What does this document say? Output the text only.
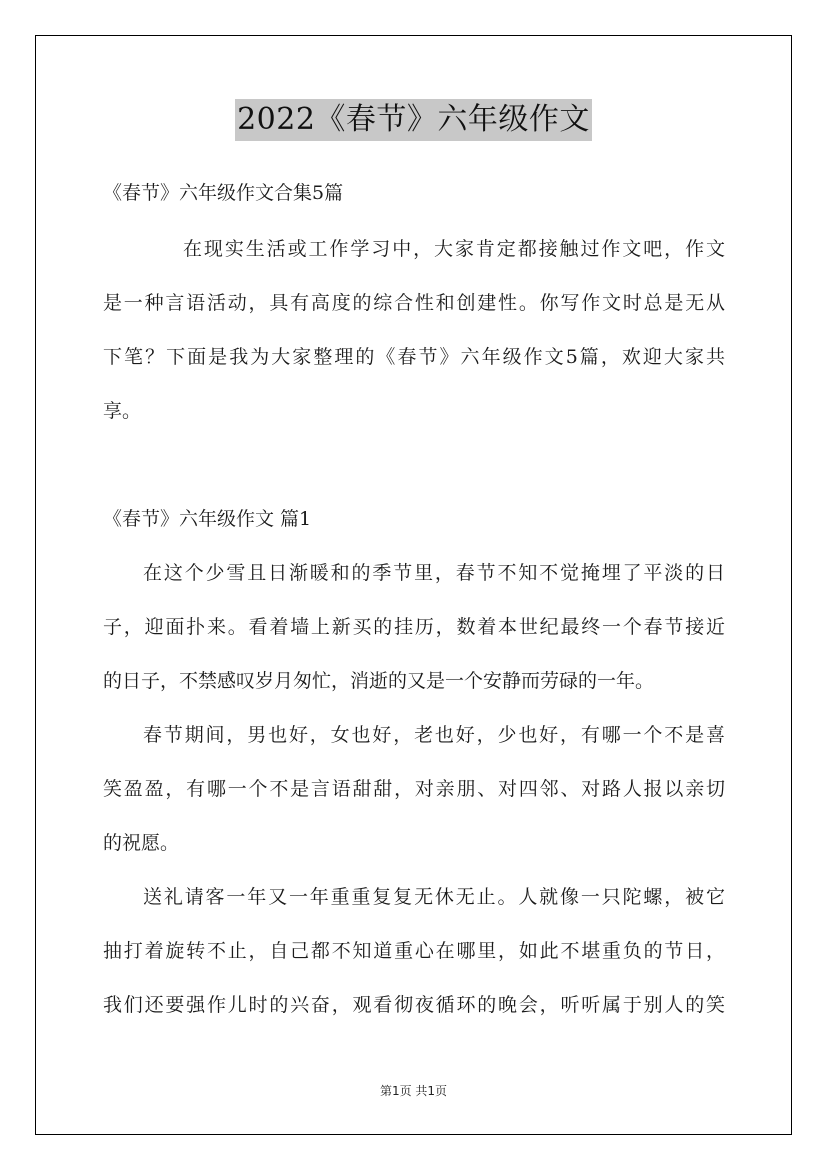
2022《春节》六年级作文
《春节》六年级作文合集5篇
在现实生活或工作学习中，大家肯定都接触过作文吧，作文
是一种言语活动，具有高度的综合性和创建性。你写作文时总是无从
下笔？下面是我为大家整理的《春节》六年级作文5篇，欢迎大家共
享。
《春节》六年级作文 篇1
在这个少雪且日渐暖和的季节里，春节不知不觉掩埋了平淡的日
子，迎面扑来。看着墙上新买的挂历，数着本世纪最终一个春节接近
的日子，不禁感叹岁月匆忙，消逝的又是一个安静而劳碌的一年。
春节期间，男也好，女也好，老也好，少也好，有哪一个不是喜
笑盈盈，有哪一个不是言语甜甜，对亲朋、对四邻、对路人报以亲切
的祝愿。
送礼请客一年又一年重重复复无休无止。人就像一只陀螺，被它
抽打着旋转不止，自己都不知道重心在哪里，如此不堪重负的节日，
我们还要强作儿时的兴奋，观看彻夜循环的晚会，听听属于别人的笑
第1页 共1页
